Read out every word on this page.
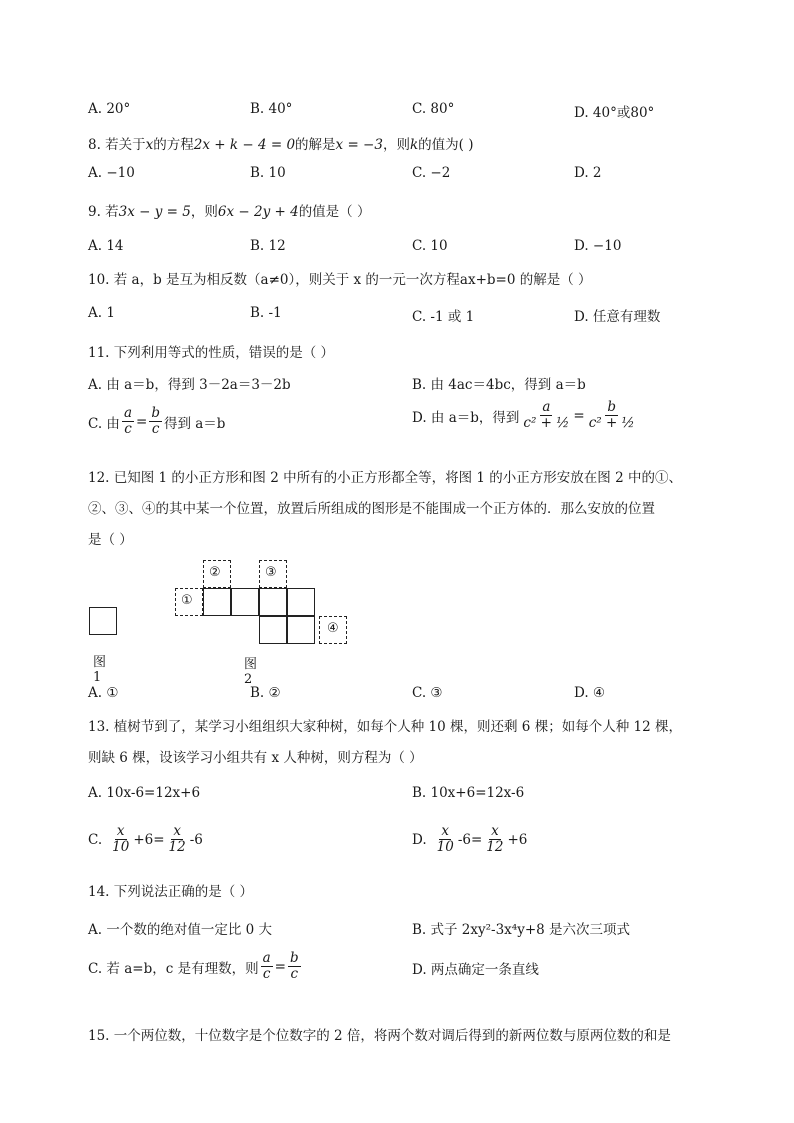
A. 20°	B. 40°	C. 80°	D. 40°或80°
8. 若关于x的方程2x + k − 4 = 0的解是x = −3，则k的值为( )
A. −10	B. 10	C. −2	D. 2
9. 若3x − y = 5，则6x − 2y + 4的值是（ ）
A. 14	B. 12	C. 10	D. −10
10. 若 a，b 是互为相反数（a≠0），则关于 x 的一元一次方程ax+b=0 的解是（ ）
A. 1	B. -1	C. -1 或 1	D. 任意有理数
11. 下列利用等式的性质，错误的是（ ）
A. 由 a＝b，得到 3－2a＝3－2b	B. 由 4ac＝4bc，得到 a＝b
C. 由 $\frac{a}{c} = \frac{b}{c}$ 得到 a＝b	D. 由 a＝b，得到 $\frac{a}{\text{c² + ½}} = \frac{b}{\text{c² + ½}}$
12. 已知图 1 的小正方形和图 2 中所有的小正方形都全等，将图 1 的小正方形安放在图 2 中的①、
②、③、④的其中某一个位置，放置后所组成的图形是不能围成一个正方体的．那么安放的位置
是（ ）
图1
①
②	③
④
图2
A. ①	B. ②	C. ③	D. ④
13. 植树节到了，某学习小组组织大家种树，如每个人种 10 棵，则还剩 6 棵；如每个人种 12 棵，
则缺 6 棵，设该学习小组共有 x 人种树，则方程为（ ）
A. 10x-6=12x+6	B. 10x+6=12x-6
C. $\frac{x}{10} +6= \frac{x}{12} -6$	D. $\frac{x}{10} -6= \frac{x}{12} +6$
14. 下列说法正确的是（ ）
A. 一个数的绝对值一定比 0 大	B. 式子 2xy²-3x⁴y+8 是六次三项式
C. 若 a=b，c 是有理数，则 $\frac{a}{c} = \frac{b}{c}$	D. 两点确定一条直线
15. 一个两位数，十位数字是个位数字的 2 倍，将两个数对调后得到的新两位数与原两位数的和是
